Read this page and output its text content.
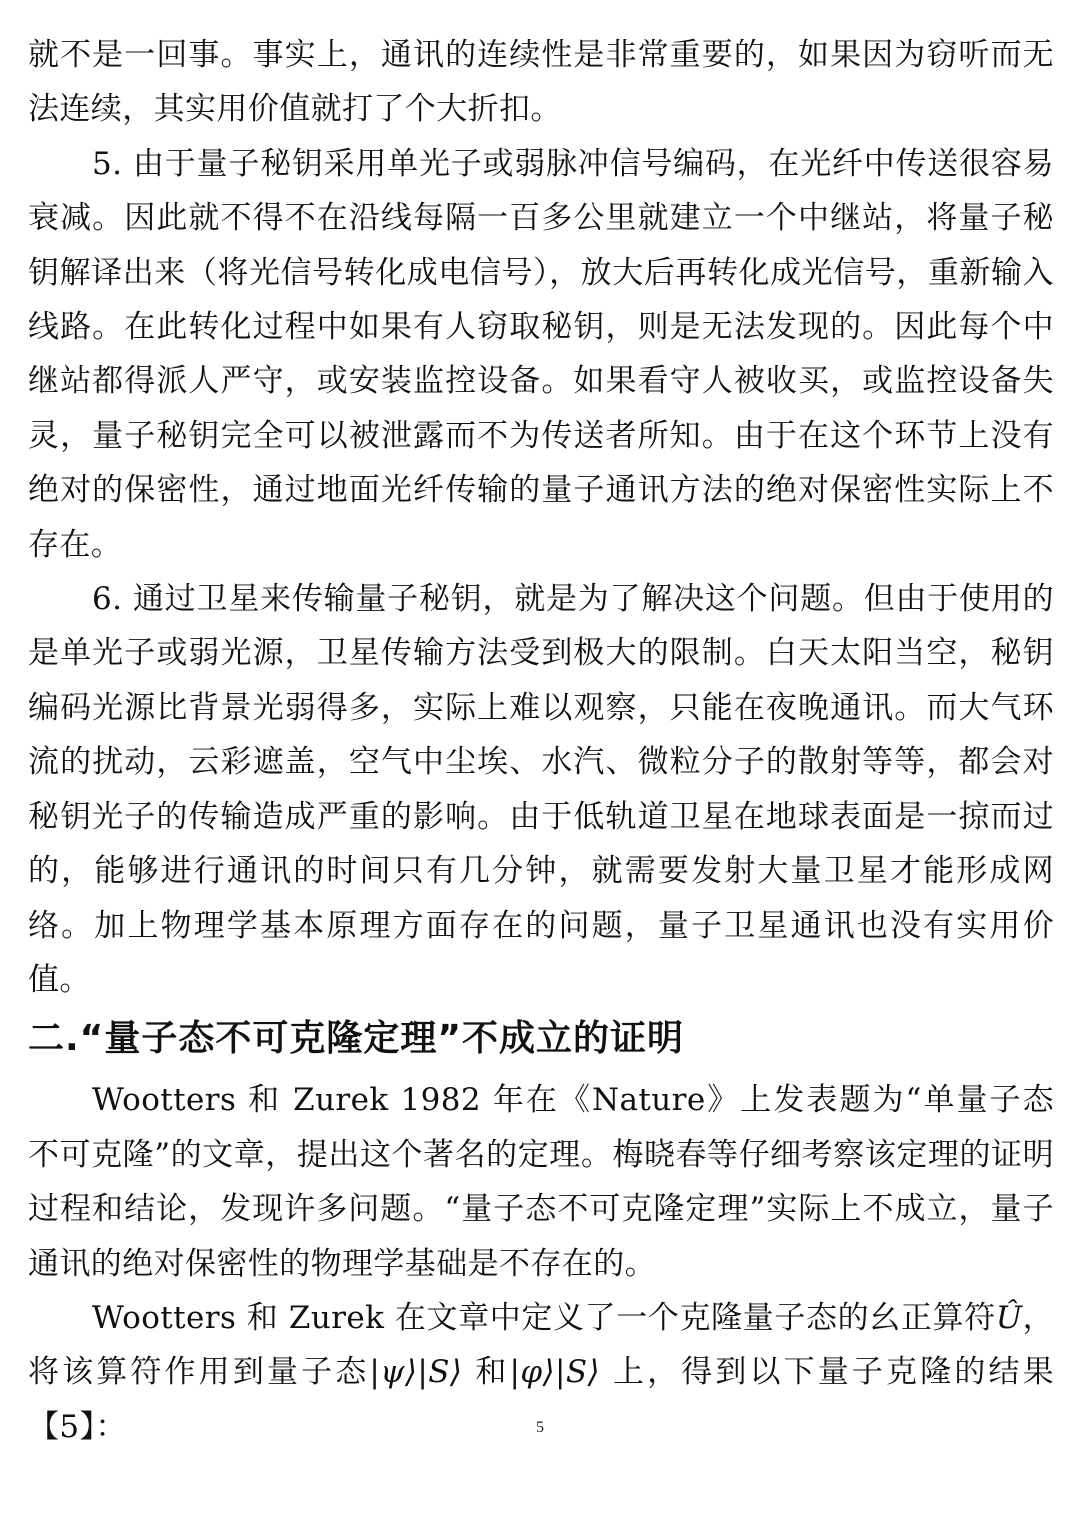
就不是一回事。事实上，通讯的连续性是非常重要的，如果因为窃听而无法连续，其实用价值就打了个大折扣。

5. 由于量子秘钥采用单光子或弱脉冲信号编码，在光纤中传送很容易衰减。因此就不得不在沿线每隔一百多公里就建立一个中继站，将量子秘钥解译出来（将光信号转化成电信号），放大后再转化成光信号，重新输入线路。在此转化过程中如果有人窃取秘钥，则是无法发现的。因此每个中继站都得派人严守，或安装监控设备。如果看守人被收买，或监控设备失灵，量子秘钥完全可以被泄露而不为传送者所知。由于在这个环节上没有绝对的保密性，通过地面光纤传输的量子通讯方法的绝对保密性实际上不存在。

6. 通过卫星来传输量子秘钥，就是为了解决这个问题。但由于使用的是单光子或弱光源，卫星传输方法受到极大的限制。白天太阳当空，秘钥编码光源比背景光弱得多，实际上难以观察，只能在夜晚通讯。而大气环流的扰动，云彩遮盖，空气中尘埃、水汽、微粒分子的散射等等，都会对秘钥光子的传输造成严重的影响。由于低轨道卫星在地球表面是一掠而过的，能够进行通讯的时间只有几分钟，就需要发射大量卫星才能形成网络。加上物理学基本原理方面存在的问题，量子卫星通讯也没有实用价值。

二.“量子态不可克隆定理”不成立的证明

Wootters 和 Zurek 1982 年在《Nature》上发表题为“单量子态不可克隆”的文章，提出这个著名的定理。梅晓春等仔细考察该定理的证明过程和结论，发现许多问题。“量子态不可克隆定理”实际上不成立，量子通讯的绝对保密性的物理学基础是不存在的。

Wootters 和 Zurek 在文章中定义了一个克隆量子态的幺正算符Û，将该算符作用到量子态|ψ⟩|S⟩ 和|φ⟩|S⟩ 上，得到以下量子克隆的结果【5】：	5
